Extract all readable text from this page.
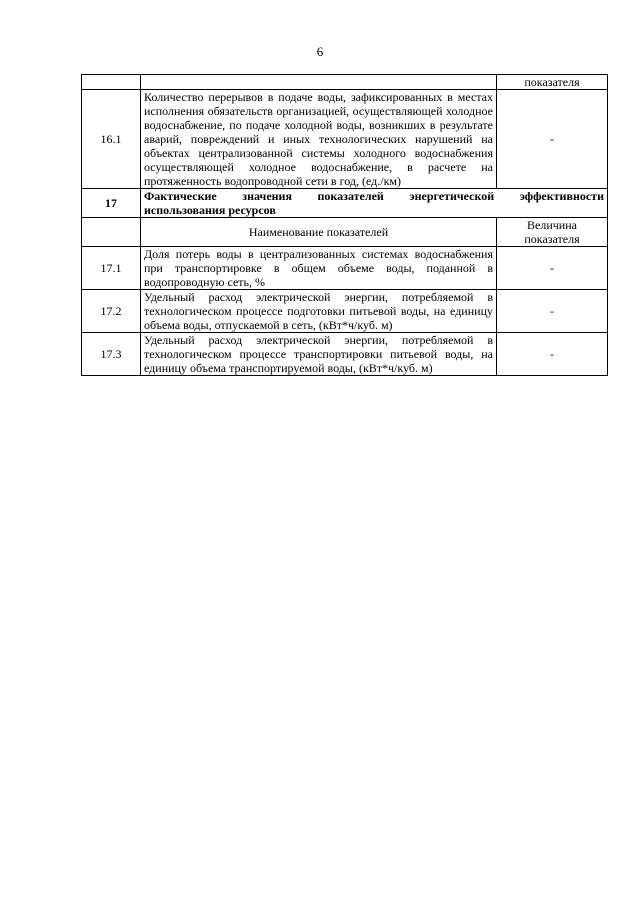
6
		показателя
16.1	Количество перерывов в подаче воды, зафиксированных в местах исполнения обязательств организацией, осуществляющей холодное водоснабжение, по подаче холодной воды, возникших в результате аварий, повреждений и иных технологических нарушений на объектах централизованной системы холодного водоснабжения осуществляющей холодное водоснабжение, в расчете на протяженность водопроводной сети в год, (ед./км)	-
17	Фактические значения показателей энергетической эффективности
использования ресурсов	

	Наименование показателей	Величина показателя
17.1	Доля потерь воды в централизованных системах водоснабжения при транспортировке в общем объеме воды, поданной в водопроводную сеть, %	-
17.2	Удельный расход электрической энергии, потребляемой в технологическом процессе подготовки питьевой воды, на единицу объема воды, отпускаемой в сеть, (кВт*ч/куб. м)	-
17.3	Удельный расход электрической энергии, потребляемой в технологическом процессе транспортировки питьевой воды, на единицу объема транспортируемой воды, (кВт*ч/куб. м)	-
